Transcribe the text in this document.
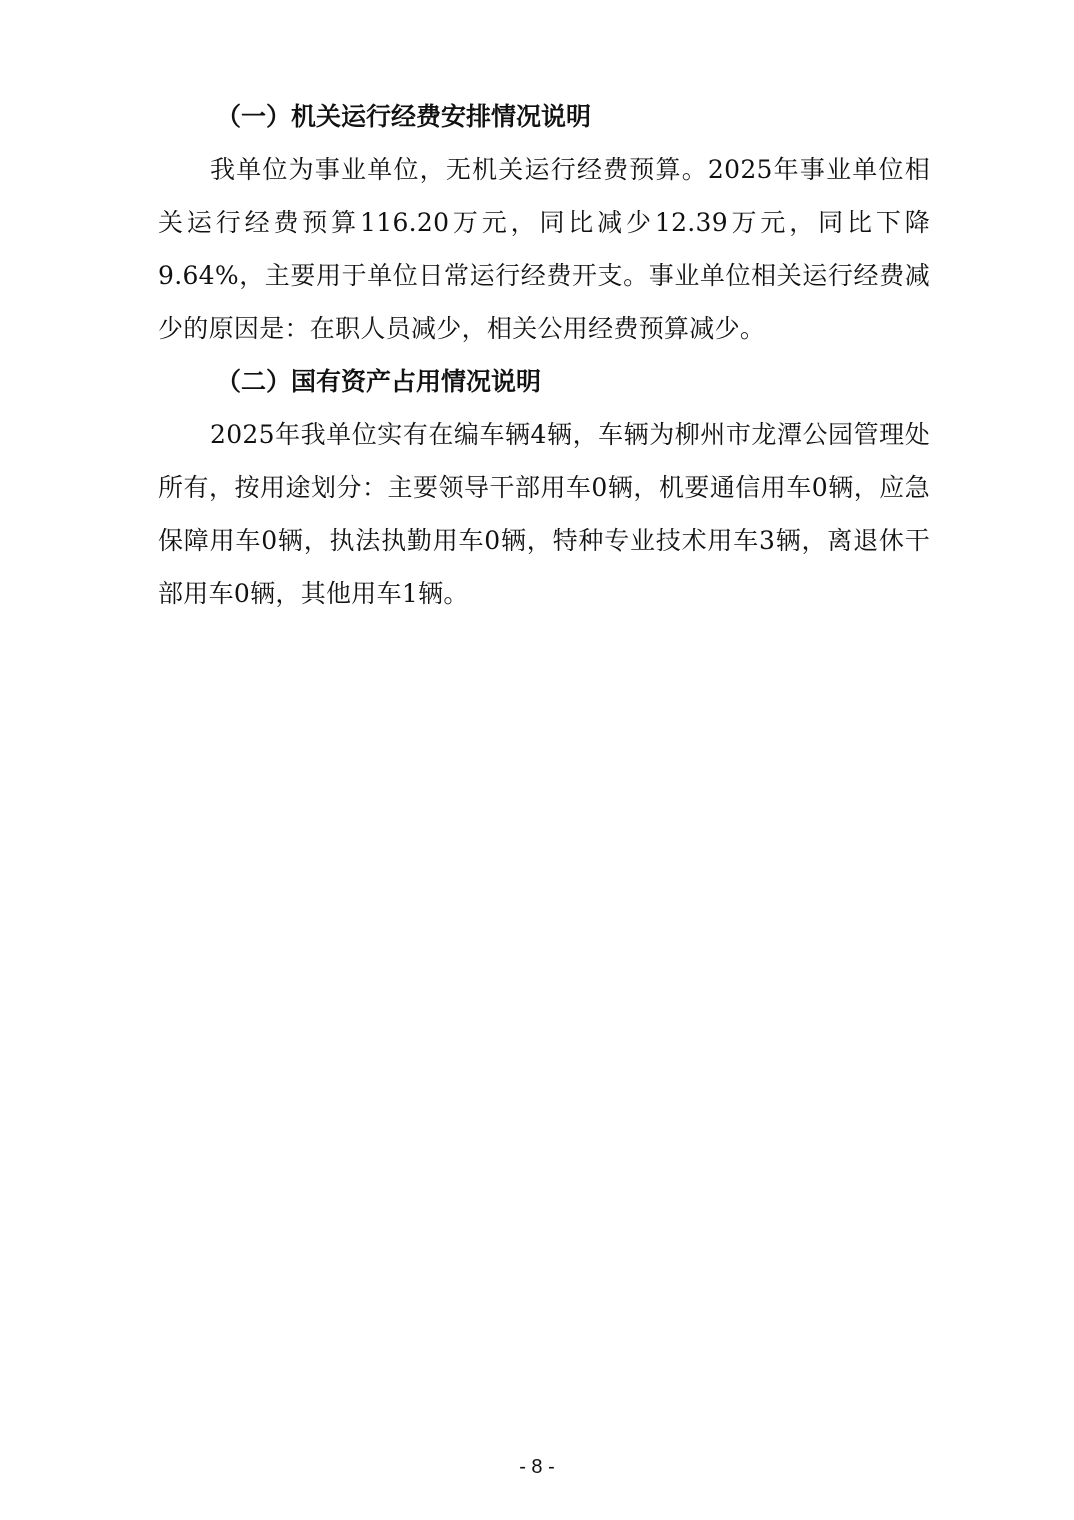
（一）机关运行经费安排情况说明

我单位为事业单位，无机关运行经费预算。2025年事业单位相关运行经费预算116.20万元，同比减少12.39万元，同比下降9.64%，主要用于单位日常运行经费开支。事业单位相关运行经费减少的原因是：在职人员减少，相关公用经费预算减少。

（二）国有资产占用情况说明

2025年我单位实有在编车辆4辆，车辆为柳州市龙潭公园管理处所有，按用途划分：主要领导干部用车0辆，机要通信用车0辆，应急保障用车0辆，执法执勤用车0辆，特种专业技术用车3辆，离退休干部用车0辆，其他用车1辆。

- 8 -
